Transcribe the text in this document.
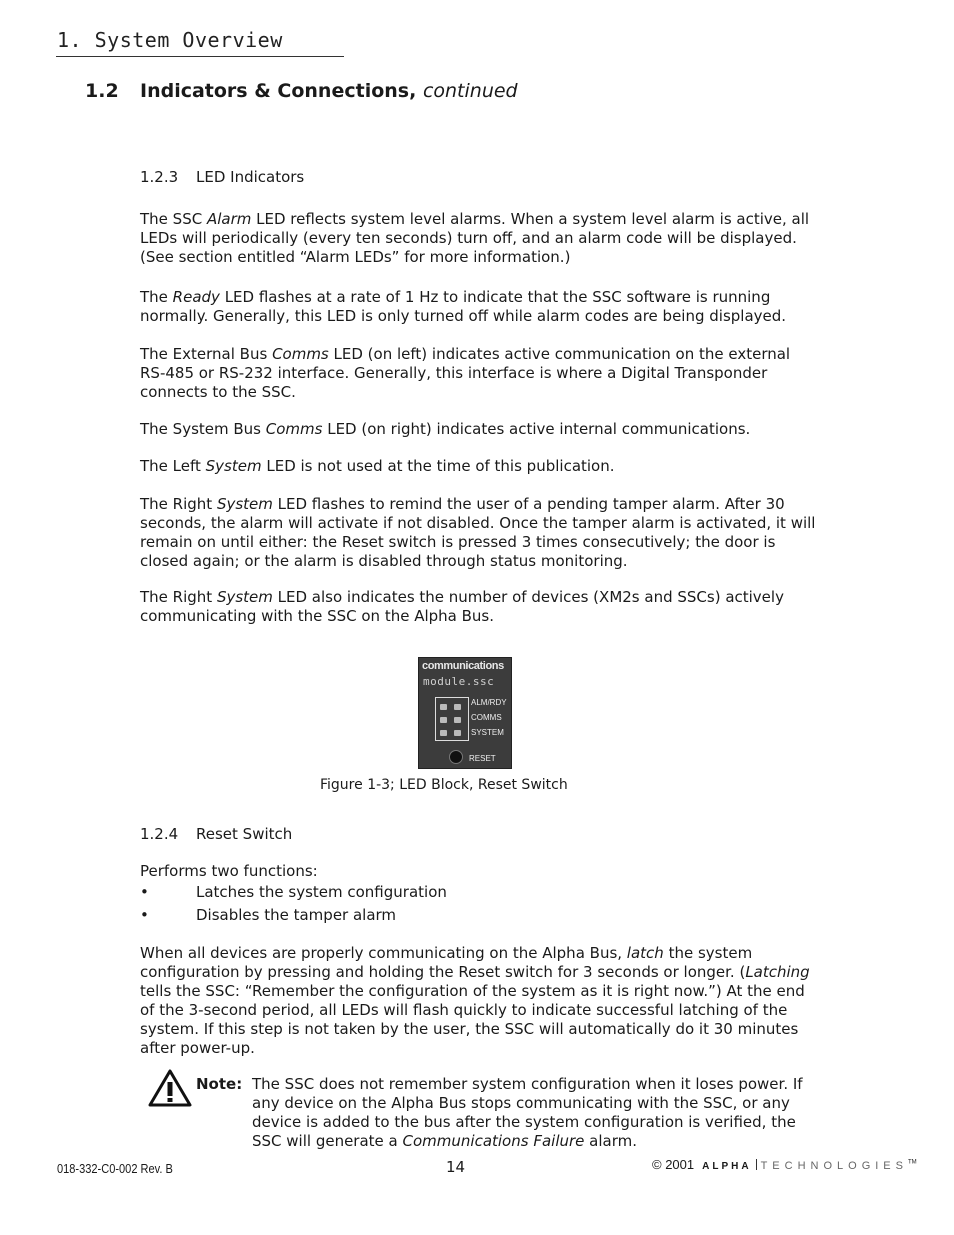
1. System Overview
1.2 Indicators & Connections, continued
1.2.3 LED Indicators
The SSC Alarm LED reflects system level alarms. When a system level alarm is active, all LEDs will periodically (every ten seconds) turn off, and an alarm code will be displayed. (See section entitled “Alarm LEDs” for more information.)
The Ready LED flashes at a rate of 1 Hz to indicate that the SSC software is running normally. Generally, this LED is only turned off while alarm codes are being displayed.
The External Bus Comms LED (on left) indicates active communication on the external RS-485 or RS-232 interface. Generally, this interface is where a Digital Transponder connects to the SSC.
The System Bus Comms LED (on right) indicates active internal communications.
The Left System LED is not used at the time of this publication.
The Right System LED flashes to remind the user of a pending tamper alarm. After 30 seconds, the alarm will activate if not disabled. Once the tamper alarm is activated, it will remain on until either: the Reset switch is pressed 3 times consecutively; the door is closed again; or the alarm is disabled through status monitoring.
The Right System LED also indicates the number of devices (XM2s and SSCs) actively communicating with the SSC on the Alpha Bus.
communications
module.ssc
ALM/RDY
COMMS
SYSTEM
RESET
Figure 1-3; LED Block, Reset Switch
1.2.4 Reset Switch
Performs two functions:
•	Latches the system configuration
•	Disables the tamper alarm
When all devices are properly communicating on the Alpha Bus, latch the system configuration by pressing and holding the Reset switch for 3 seconds or longer. (Latching tells the SSC: “Remember the configuration of the system as it is right now.”) At the end of the 3-second period, all LEDs will flash quickly to indicate successful latching of the system. If this step is not taken by the user, the SSC will automatically do it 30 minutes after power-up.
Note: The SSC does not remember system configuration when it loses power. If any device on the Alpha Bus stops communicating with the SSC, or any device is added to the bus after the system configuration is verified, the SSC will generate a Communications Failure alarm.
018-332-C0-002 Rev. B	14	© 2001 ALPHA TECHNOLOGIES™
